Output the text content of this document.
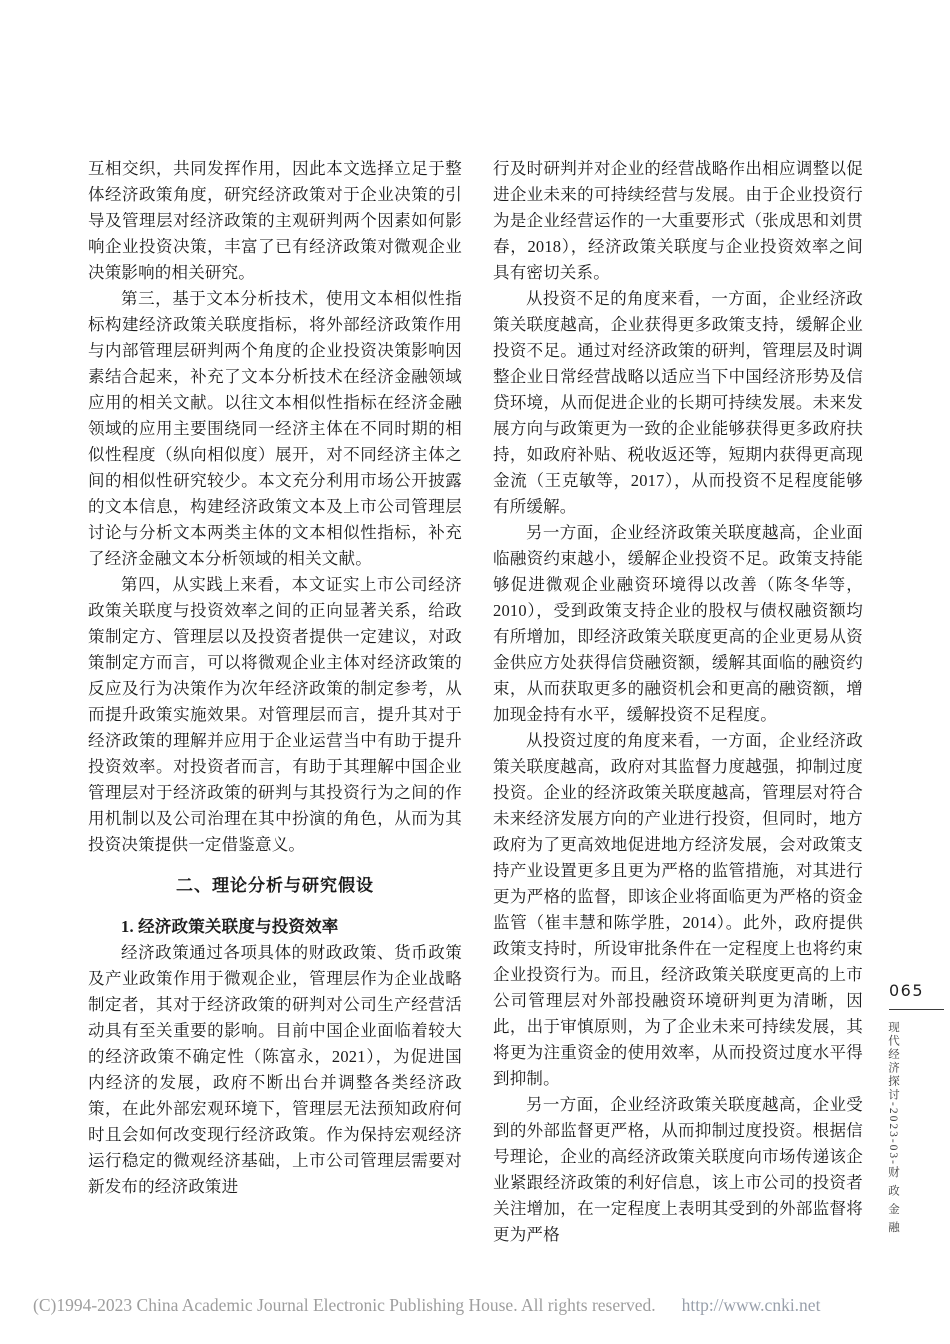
互相交织，共同发挥作用，因此本文选择立足于整体经济政策角度，研究经济政策对于企业决策的引导及管理层对经济政策的主观研判两个因素如何影响企业投资决策，丰富了已有经济政策对微观企业决策影响的相关研究。

第三，基于文本分析技术，使用文本相似性指标构建经济政策关联度指标，将外部经济政策作用与内部管理层研判两个角度的企业投资决策影响因素结合起来，补充了文本分析技术在经济金融领域应用的相关文献。以往文本相似性指标在经济金融领域的应用主要围绕同一经济主体在不同时期的相似性程度（纵向相似度）展开，对不同经济主体之间的相似性研究较少。本文充分利用市场公开披露的文本信息，构建经济政策文本及上市公司管理层讨论与分析文本两类主体的文本相似性指标，补充了经济金融文本分析领域的相关文献。

第四，从实践上来看，本文证实上市公司经济政策关联度与投资效率之间的正向显著关系，给政策制定方、管理层以及投资者提供一定建议，对政策制定方而言，可以将微观企业主体对经济政策的反应及行为决策作为次年经济政策的制定参考，从而提升政策实施效果。对管理层而言，提升其对于经济政策的理解并应用于企业运营当中有助于提升投资效率。对投资者而言，有助于其理解中国企业管理层对于经济政策的研判与其投资行为之间的作用机制以及公司治理在其中扮演的角色，从而为其投资决策提供一定借鉴意义。

二、理论分析与研究假设
1. 经济政策关联度与投资效率

经济政策通过各项具体的财政政策、货币政策及产业政策作用于微观企业，管理层作为企业战略制定者，其对于经济政策的研判对公司生产经营活动具有至关重要的影响。目前中国企业面临着较大的经济政策不确定性（陈富永，2021），为促进国内经济的发展，政府不断出台并调整各类经济政策，在此外部宏观环境下，管理层无法预知政府何时且会如何改变现行经济政策。作为保持宏观经济运行稳定的微观经济基础，上市公司管理层需要对新发布的经济政策进

行及时研判并对企业的经营战略作出相应调整以促进企业未来的可持续经营与发展。由于企业投资行为是企业经营运作的一大重要形式（张成思和刘贯春，2018），经济政策关联度与企业投资效率之间具有密切关系。

从投资不足的角度来看，一方面，企业经济政策关联度越高，企业获得更多政策支持，缓解企业投资不足。通过对经济政策的研判，管理层及时调整企业日常经营战略以适应当下中国经济形势及信贷环境，从而促进企业的长期可持续发展。未来发展方向与政策更为一致的企业能够获得更多政府扶持，如政府补贴、税收返还等，短期内获得更高现金流（王克敏等，2017），从而投资不足程度能够有所缓解。

另一方面，企业经济政策关联度越高，企业面临融资约束越小，缓解企业投资不足。政策支持能够促进微观企业融资环境得以改善（陈冬华等，2010），受到政策支持企业的股权与债权融资额均有所增加，即经济政策关联度更高的企业更易从资金供应方处获得信贷融资额，缓解其面临的融资约束，从而获取更多的融资机会和更高的融资额，增加现金持有水平，缓解投资不足程度。

从投资过度的角度来看，一方面，企业经济政策关联度越高，政府对其监督力度越强，抑制过度投资。企业的经济政策关联度越高，管理层对符合未来经济发展方向的产业进行投资，但同时，地方政府为了更高效地促进地方经济发展，会对政策支持产业设置更多且更为严格的监管措施，对其进行更为严格的监督，即该企业将面临更为严格的资金监管（崔丰慧和陈学胜，2014）。此外，政府提供政策支持时，所设审批条件在一定程度上也将约束企业投资行为。而且，经济政策关联度更高的上市公司管理层对外部投融资环境研判更为清晰，因此，出于审慎原则，为了企业未来可持续发展，其将更为注重资金的使用效率，从而投资过度水平得到抑制。

另一方面，企业经济政策关联度越高，企业受到的外部监督更严格，从而抑制过度投资。根据信号理论，企业的高经济政策关联度向市场传递该企业紧跟经济政策的利好信息，该上市公司的投资者关注增加，在一定程度上表明其受到的外部监督将更为严格

065
现代经济探讨-2023-03-财 政 金 融
(C)1994-2023 China Academic Journal Electronic Publishing House. All rights reserved. http://www.cnki.net
